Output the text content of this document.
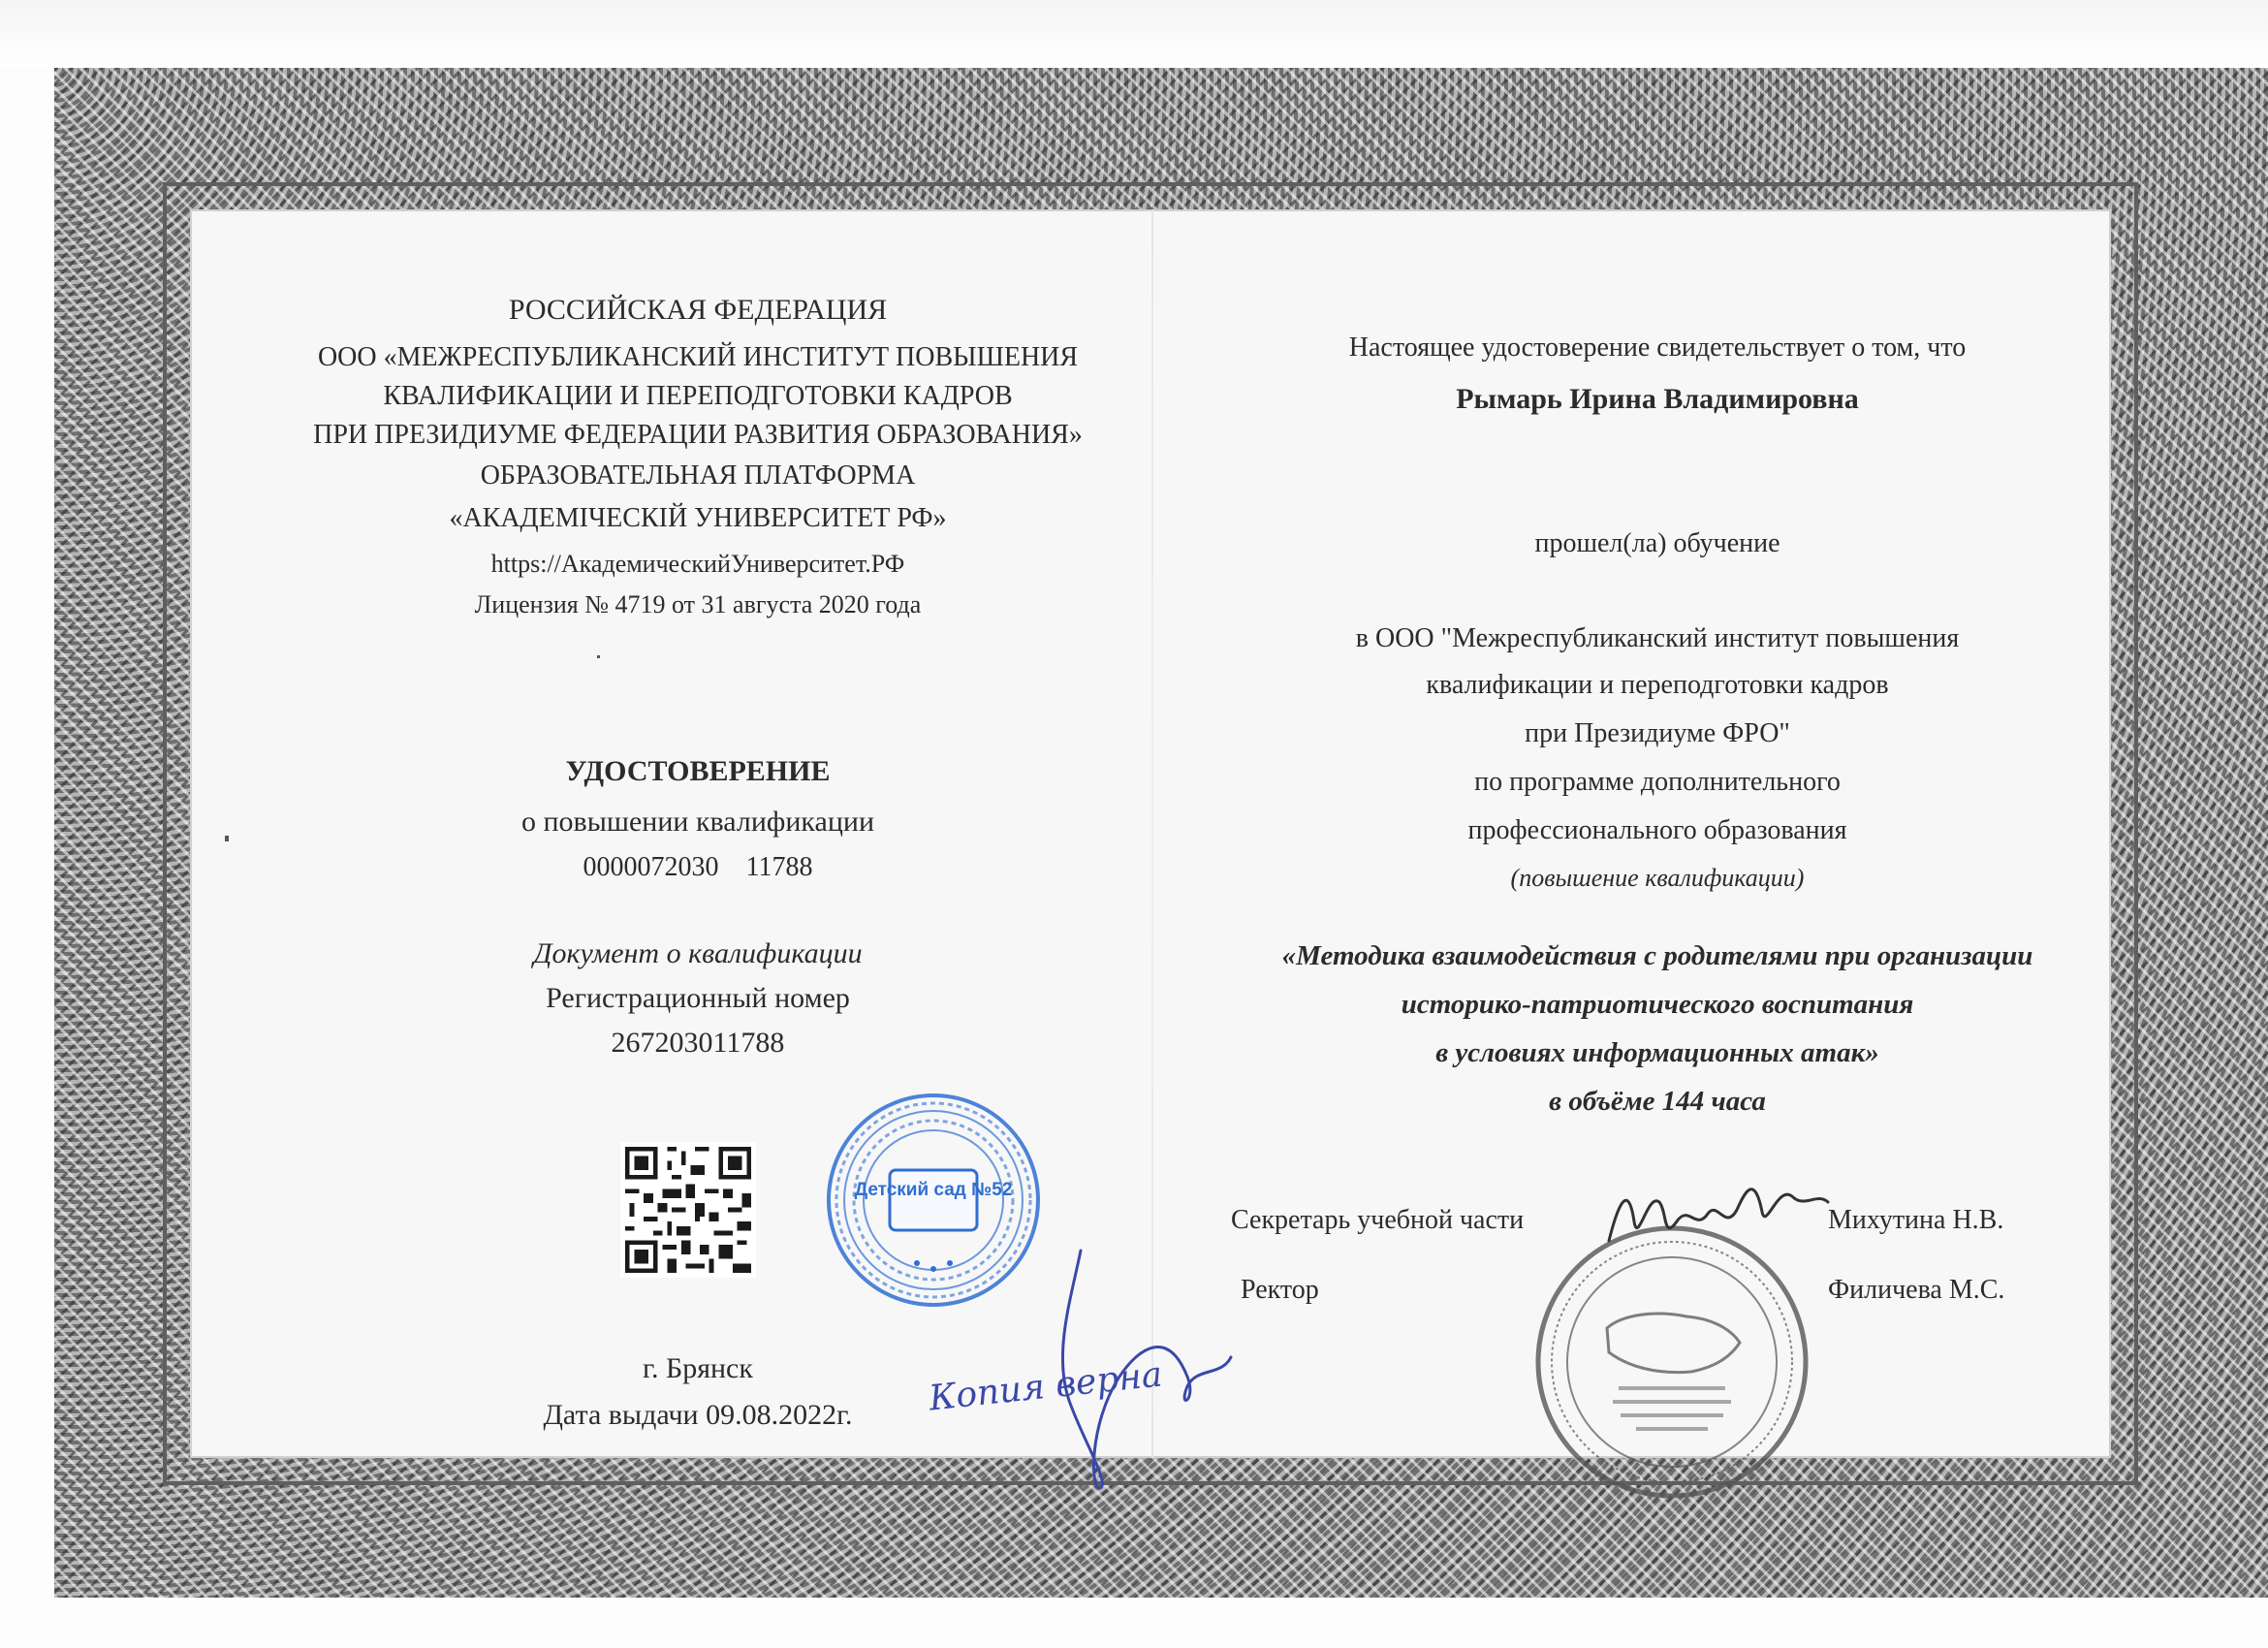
РОССИЙСКАЯ ФЕДЕРАЦИЯ
ООО «МЕЖРЕСПУБЛИКАНСКИЙ ИНСТИТУТ ПОВЫШЕНИЯ
КВАЛИФИКАЦИИ И ПЕРЕПОДГОТОВКИ КАДРОВ
ПРИ ПРЕЗИДИУМЕ ФЕДЕРАЦИИ РАЗВИТИЯ ОБРАЗОВАНИЯ»
ОБРАЗОВАТЕЛЬНАЯ ПЛАТФОРМА
«АКАДЕМІЧЕСКІЙ УНИВЕРСИТЕТ РФ»
https://АкадемическийУниверситет.РФ
Лицензия № 4719 от 31 августа 2020 года
УДОСТОВЕРЕНИЕ
о повышении квалификации
0000072030    11788
Документ о квалификации
Регистрационный номер
267203011788
г. Брянск
Дата выдачи 09.08.2022г.
Детский сад №52
Копия верна
Настоящее удостоверение свидетельствует о том, что
Рымарь Ирина Владимировна
прошел(ла) обучение
в ООО "Межреспубликанский институт повышения
квалификации и переподготовки кадров
при Президиуме ФРО"
по программе дополнительного
профессионального образования
(повышение квалификации)
«Методика взаимодействия с родителями при организации
историко-патриотического воспитания
в условиях информационных атак»
в объёме 144 часа
Секретарь учебной части	Михутина Н.В.
Ректор	Филичева М.С.
